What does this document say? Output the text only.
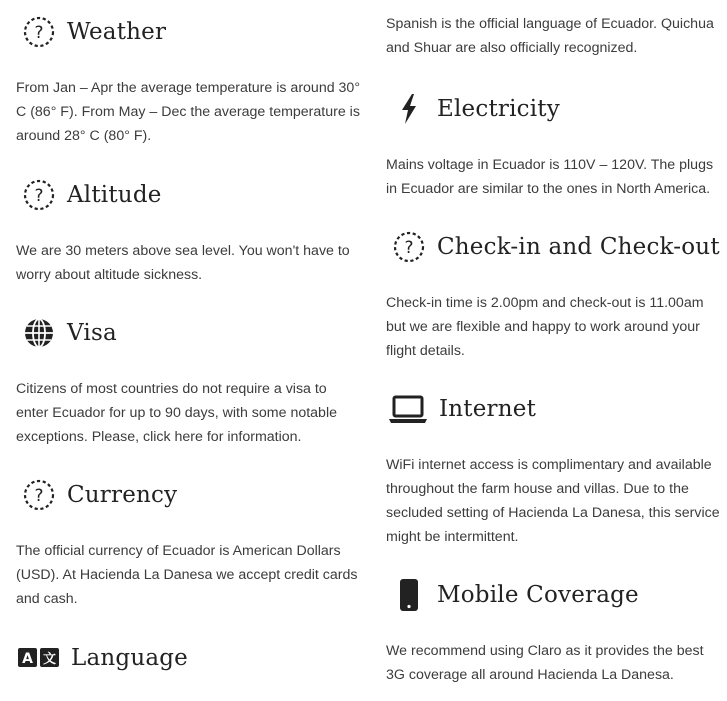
? Weather

From Jan – Apr the average temperature is around 30° C (86° F). From May – Dec the average temperature is around 28° C (80° F).

? Altitude

We are 30 meters above sea level. You won't have to worry about altitude sickness.

Visa

Citizens of most countries do not require a visa to enter Ecuador for up to 90 days, with some notable exceptions. Please, click here for information.

? Currency

The official currency of Ecuador is American Dollars (USD). At Hacienda La Danesa we accept credit cards and cash.

A 文 Language

Spanish is the official language of Ecuador. Quichua and Shuar are also officially recognized.

Electricity

Mains voltage in Ecuador is 110V – 120V. The plugs in Ecuador are similar to the ones in North America.

? Check-in and Check-out

Check-in time is 2.00pm and check-out is 11.00am but we are flexible and happy to work around your flight details.

Internet

WiFi internet access is complimentary and available throughout the farm house and villas. Due to the secluded setting of Hacienda La Danesa, this service might be intermittent.

Mobile Coverage

We recommend using Claro as it provides the best 3G coverage all around Hacienda La Danesa.
